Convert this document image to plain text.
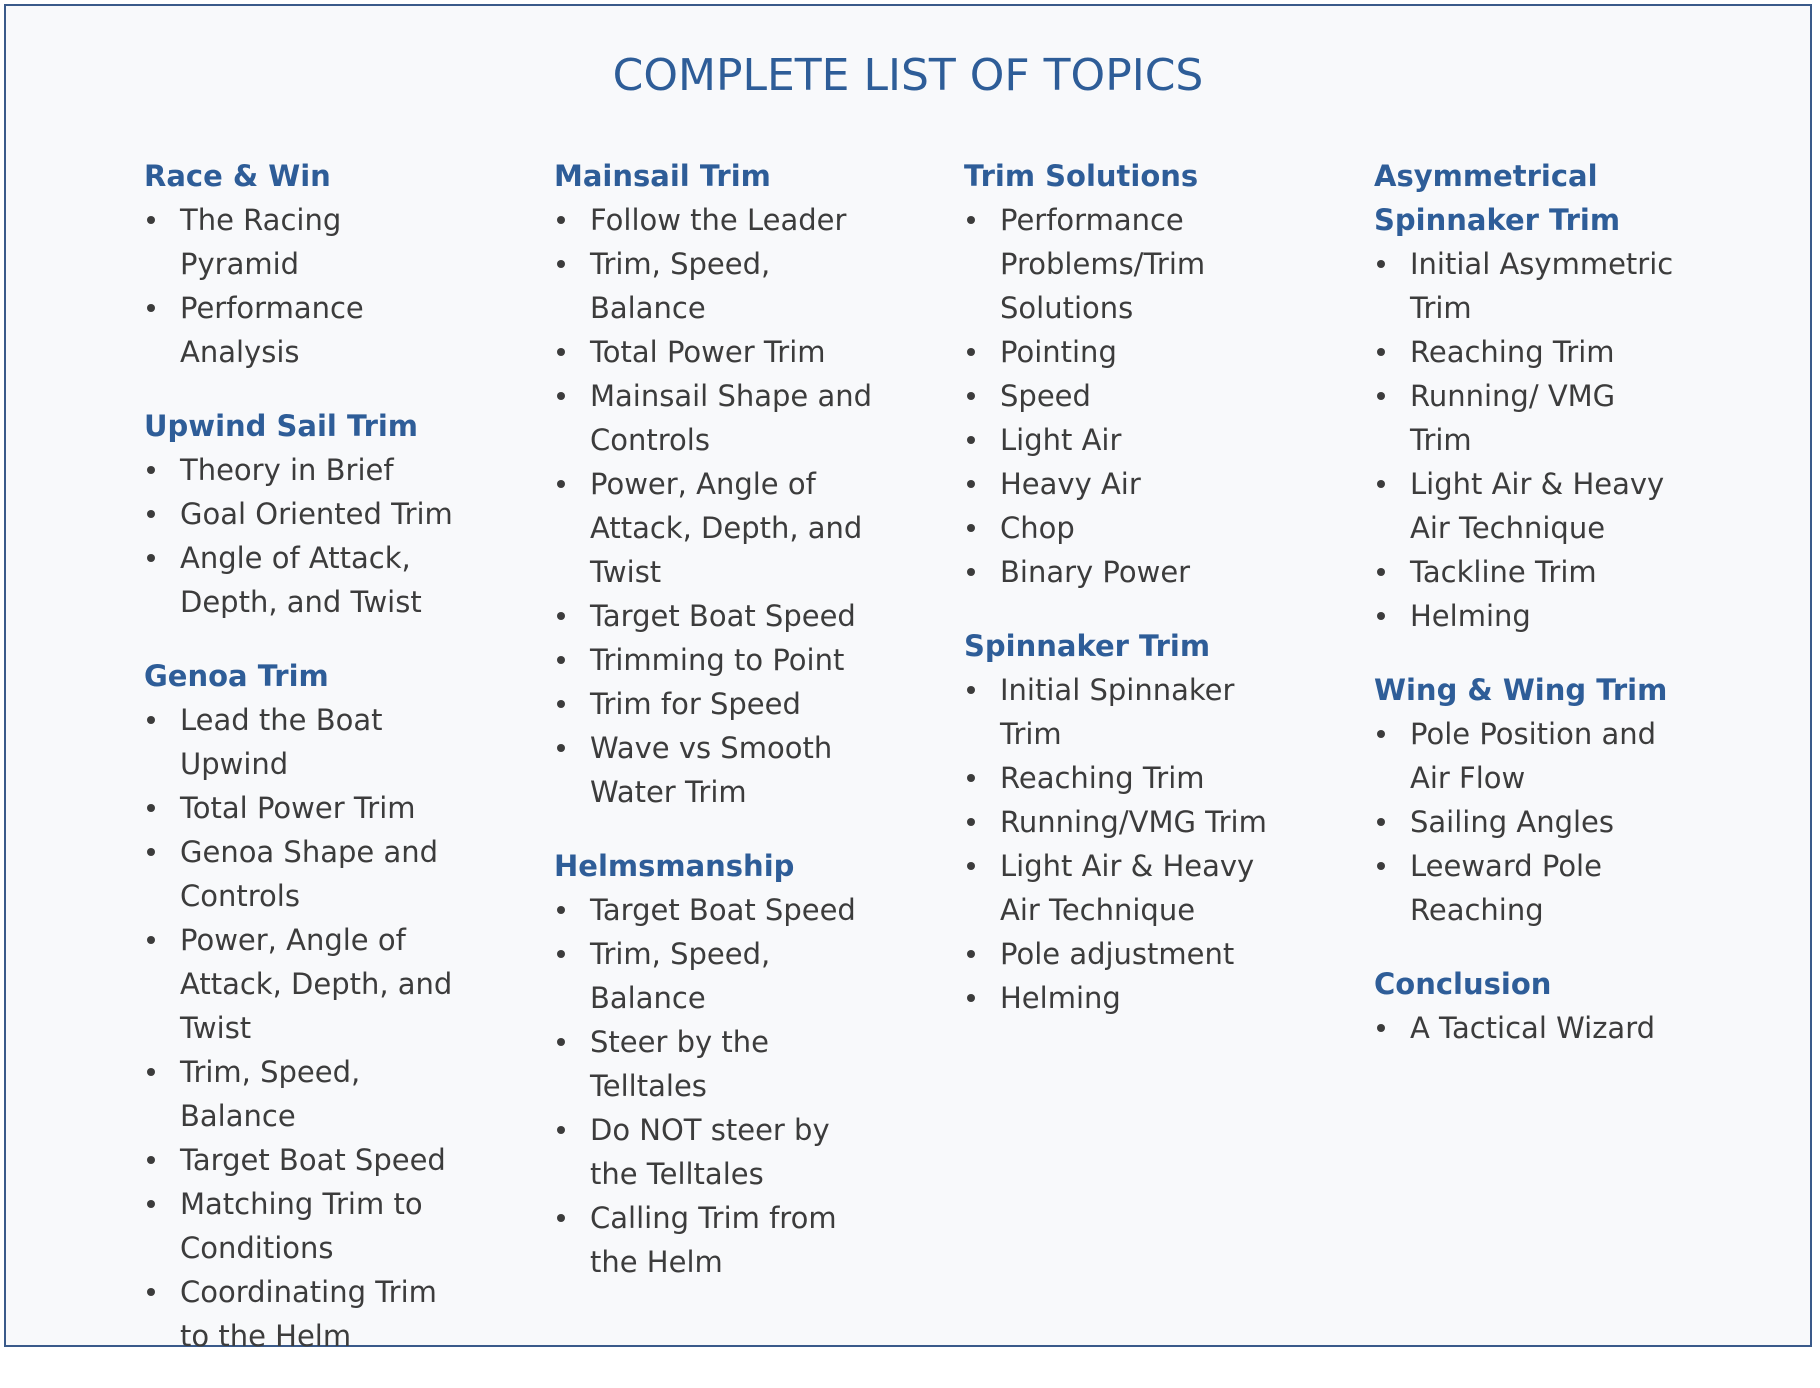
COMPLETE LIST OF TOPICS
Race & Win
The Racing Pyramid
Performance Analysis
Upwind Sail Trim
Theory in Brief
Goal Oriented Trim
Angle of Attack, Depth, and Twist
Genoa Trim
Lead the Boat Upwind
Total Power Trim
Genoa Shape and Controls
Power, Angle of Attack, Depth, and Twist
Trim, Speed, Balance
Target Boat Speed
Matching Trim to Conditions
Coordinating Trim to the Helm
Mainsail Trim
Follow the Leader
Trim, Speed, Balance
Total Power Trim
Mainsail Shape and Controls
Power, Angle of Attack, Depth, and Twist
Target Boat Speed
Trimming to Point
Trim for Speed
Wave vs Smooth Water Trim
Helmsmanship
Target Boat Speed
Trim, Speed, Balance
Steer by the Telltales
Do NOT steer by the Telltales
Calling Trim from the Helm
Trim Solutions
Performance Problems/Trim Solutions
Pointing
Speed
Light Air
Heavy Air
Chop
Binary Power
Spinnaker Trim
Initial Spinnaker Trim
Reaching Trim
Running/VMG Trim
Light Air & Heavy Air Technique
Pole adjustment
Helming
Asymmetrical Spinnaker Trim
Initial Asymmetric Trim
Reaching Trim
Running/ VMG Trim
Light Air & Heavy Air Technique
Tackline Trim
Helming
Wing & Wing Trim
Pole Position and Air Flow
Sailing Angles
Leeward Pole Reaching
Conclusion
A Tactical Wizard
